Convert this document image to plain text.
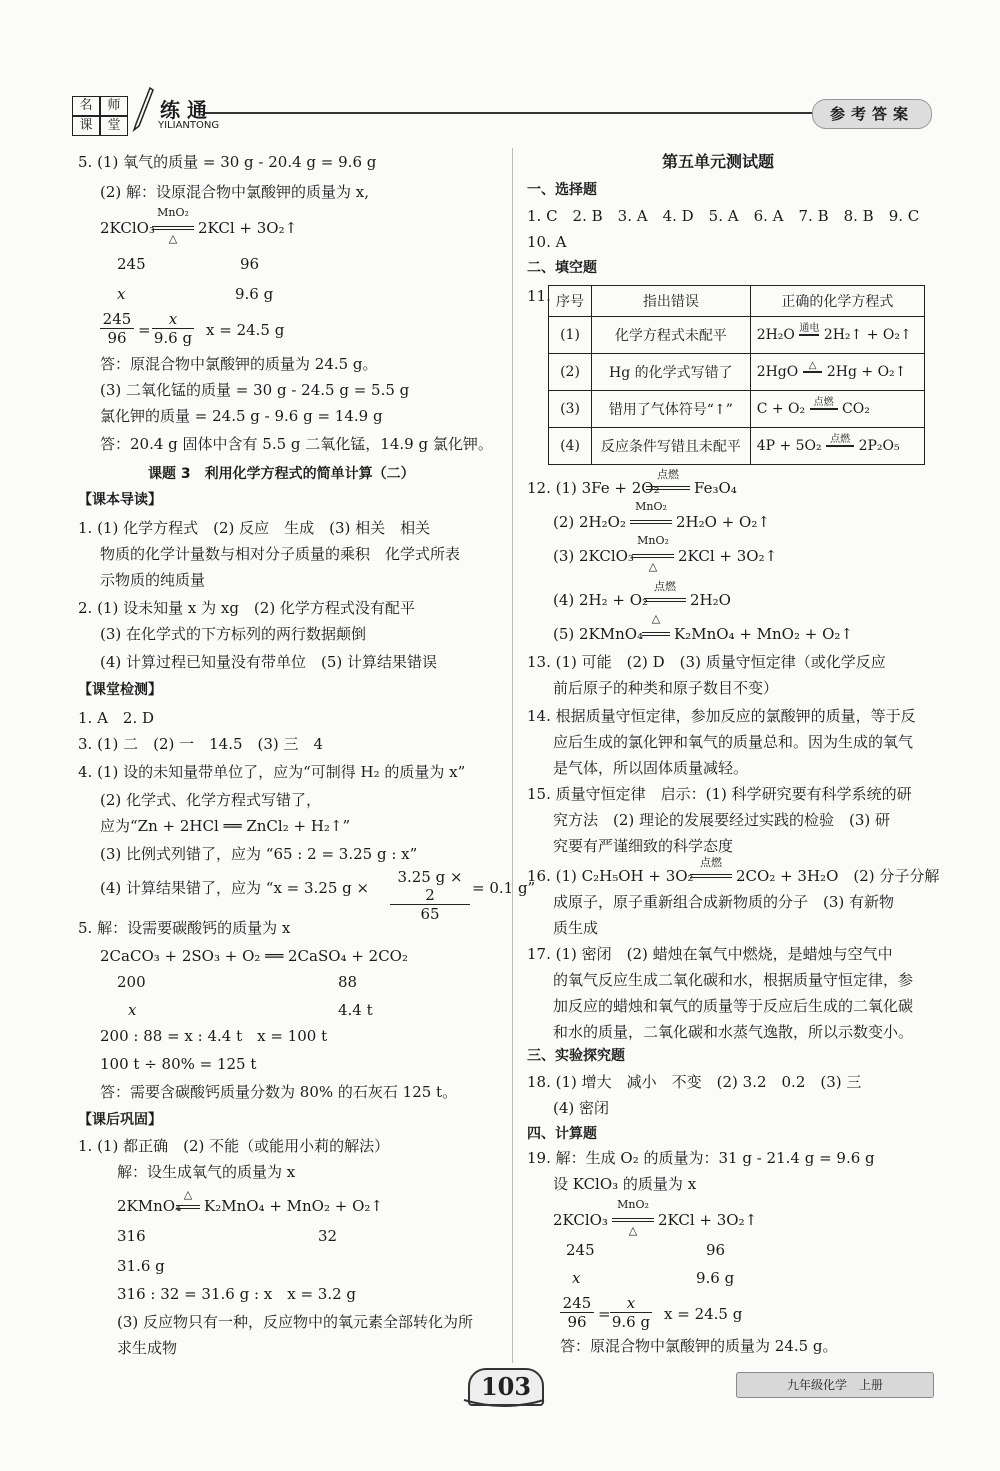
名	师
课	堂
练 通
YILIANTONG
参考答案
5. (1) 氧气的质量 = 30 g - 20.4 g = 9.6 g
(2) 解：设原混合物中氯酸钾的质量为 x,
2KClO₃
MnO₂
△
2KCl + 3O₂↑
245	96
x	9.6 g
$\frac{245}{96} = \frac{x}{9.6 g}$ x = 24.5 g
答：原混合物中氯酸钾的质量为 24.5 g。
(3) 二氧化锰的质量 = 30 g - 24.5 g = 5.5 g
氯化钾的质量 = 24.5 g - 9.6 g = 14.9 g
答：20.4 g 固体中含有 5.5 g 二氧化锰，14.9 g 氯化钾。
课题 3　利用化学方程式的简单计算（二）
【课本导读】
1. (1) 化学方程式　(2) 反应　生成　(3) 相关　相关
物质的化学计量数与相对分子质量的乘积　化学式所表
示物质的纯质量
2. (1) 设未知量 x 为 xg　(2) 化学方程式没有配平
(3) 在化学式的下方标列的两行数据颠倒
(4) 计算过程已知量没有带单位　(5) 计算结果错误
【课堂检测】
1. A　2. D
3. (1) 二　(2) 一　14.5　(3) 三　4
4. (1) 设的未知量带单位了，应为“可制得 H₂ 的质量为 x”
(2) 化学式、化学方程式写错了，
应为“Zn + 2HCl ══ ZnCl₂ + H₂↑”
(3) 比例式列错了，应为 “65 : 2 = 3.25 g : x”
(4) 计算结果错了，应为 “x = 3.25 $g \times \frac{3.25 g \times 2}{65} = 0.1$ g”
5. 解：设需要碳酸钙的质量为 x
2CaCO₃ + 2SO₃ + O₂ ══ 2CaSO₄ + 2CO₂
200	88
x	4.4 t
200 : 88 = x : 4.4 t　x = 100 t
100 t ÷ 80% = 125 t
答：需要含碳酸钙质量分数为 80% 的石灰石 125 t。
【课后巩固】
1. (1) 都正确　(2) 不能（或能用小莉的解法）
解：设生成氧气的质量为 x
2KMnO₄
△
K₂MnO₄ + MnO₂ + O₂↑
316	32
31.6 g
316 : 32 = 31.6 g : x　x = 3.2 g
(3) 反应物只有一种，反应物中的氧元素全部转化为所
求生成物
第五单元测试题
一、选择题
1. C　2. B　3. A　4. D　5. A　6. A　7. B　8. B　9. C
10. A
二、填空题
11. 序号	指出错误	正确的化学方程式
(1)	化学方程式未配平	2H₂O $^{通电}$ 2H₂↑ + O₂↑
(2)	Hg 的化学式写错了	2HgO △ 2Hg + O₂↑
(3)	错用了气体符号“↑”	C + O₂ $^{点燃}$ CO₂
(4)	反应条件写错且未配平	4P + 5O₂ $^{点燃}$ 2P₂O₅
12. (1) 3Fe + 2O₂
点燃
Fe₃O₄
(2) 2H₂O₂
MnO₂
2H₂O + O₂↑
(3) 2KClO₃
MnO₂
△
2KCl + 3O₂↑
(4) 2H₂ + O₂
点燃
2H₂O
(5) 2KMnO₄
△
K₂MnO₄ + MnO₂ + O₂↑
13. (1) 可能　(2) D　(3) 质量守恒定律（或化学反应
前后原子的种类和原子数目不变）
14. 根据质量守恒定律，参加反应的氯酸钾的质量，等于反
应后生成的氯化钾和氧气的质量总和。因为生成的氧气
是气体，所以固体质量减轻。
15. 质量守恒定律　启示：(1) 科学研究要有科学系统的研
究方法　(2) 理论的发展要经过实践的检验　(3) 研
究要有严谨细致的科学态度
16. (1) C₂H₅OH + 3O₂
点燃
2CO₂ + 3H₂O　(2) 分子分解
成原子，原子重新组合成新物质的分子　(3) 有新物
质生成
17. (1) 密闭　(2) 蜡烛在氧气中燃烧，是蜡烛与空气中
的氧气反应生成二氧化碳和水，根据质量守恒定律，参
加反应的蜡烛和氧气的质量等于反应后生成的二氧化碳
和水的质量，二氧化碳和水蒸气逸散，所以示数变小。
三、实验探究题
18. (1) 增大　减小　不变　(2) 3.2　0.2　(3) 三
(4) 密闭
四、计算题
19. 解：生成 O₂ 的质量为：31 g - 21.4 g = 9.6 g
设 KClO₃ 的质量为 x
2KClO₃
MnO₂
△
2KCl + 3O₂↑
245	96
x	9.6 g
$\frac{245}{96} = \frac{x}{9.6 g}$ x = 24.5 g
答：原混合物中氯酸钾的质量为 24.5 g。
103	九年级化学　上册
